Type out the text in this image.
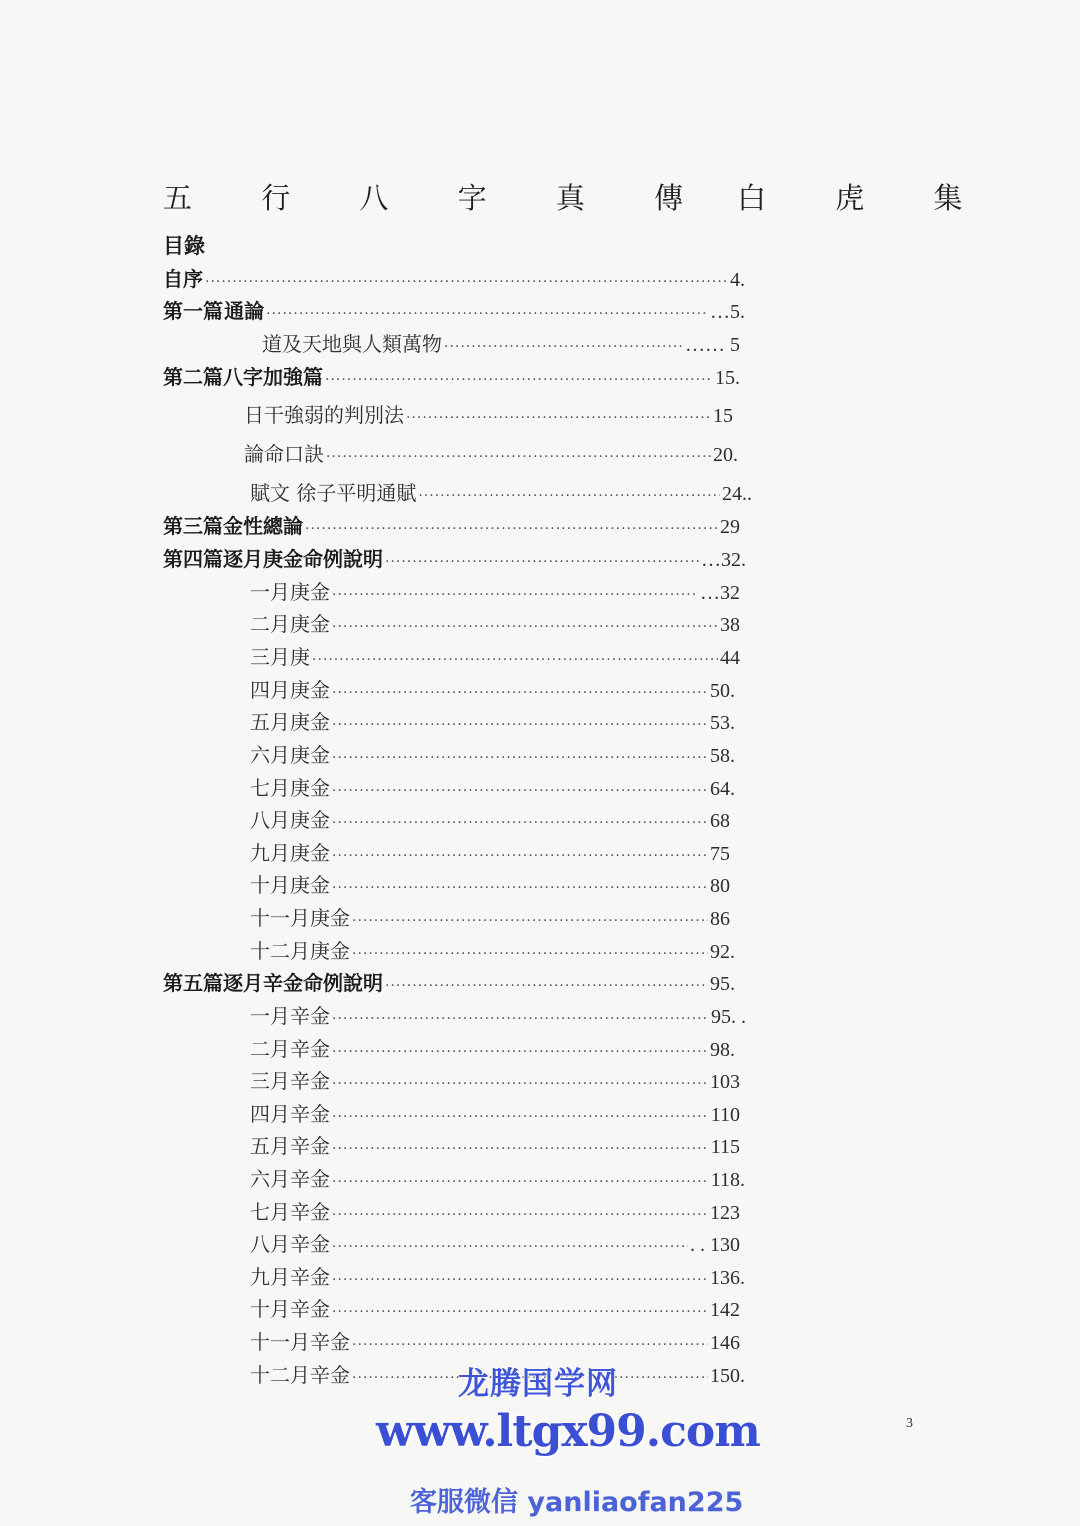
五 行 八 字 真 傳 白 虎 集
目錄
自序 ·····	4.
第一篇 通論 ·····	…5.
道及天地與人類萬物 ·····	…… 5
第二篇 八字加強篇 ·····	15.
日干強弱的判別法 ·····	15
論命口訣 ·····	20.
賦文 徐子平明通賦 ·····	24..
第三篇 金性總論 ·····	29
第四篇 逐月庚金命例說明 ·····	…32.
一月庚金 ·····	…32
二月庚金 ·····	38
三月庚 ·····	44
四月庚金 ·····	50.
五月庚金 ·····	53.
六月庚金 ·····	58.
七月庚金 ·····	64.
八月庚金 ·····	68
九月庚金 ·····	75
十月庚金 ·····	80
十一月庚金 ·····	86
十二月庚金 ·····	92.
第五篇 逐月辛金命例說明 ·····	95.
一月辛金 ·····	95. .
二月辛金 ·····	98.
三月辛金 ·····	103
四月辛金 ·····	110
五月辛金 ·····	115
六月辛金 ·····	118.
七月辛金 ·····	123
八月辛金 ·····	. . 130
九月辛金 ·····	136.
十月辛金 ·····	142
十一月辛金 ·····	146
十二月辛金 ·····	150.
3
龙腾国学网
www.ltgx99.com
客服微信 yanliaofan225
